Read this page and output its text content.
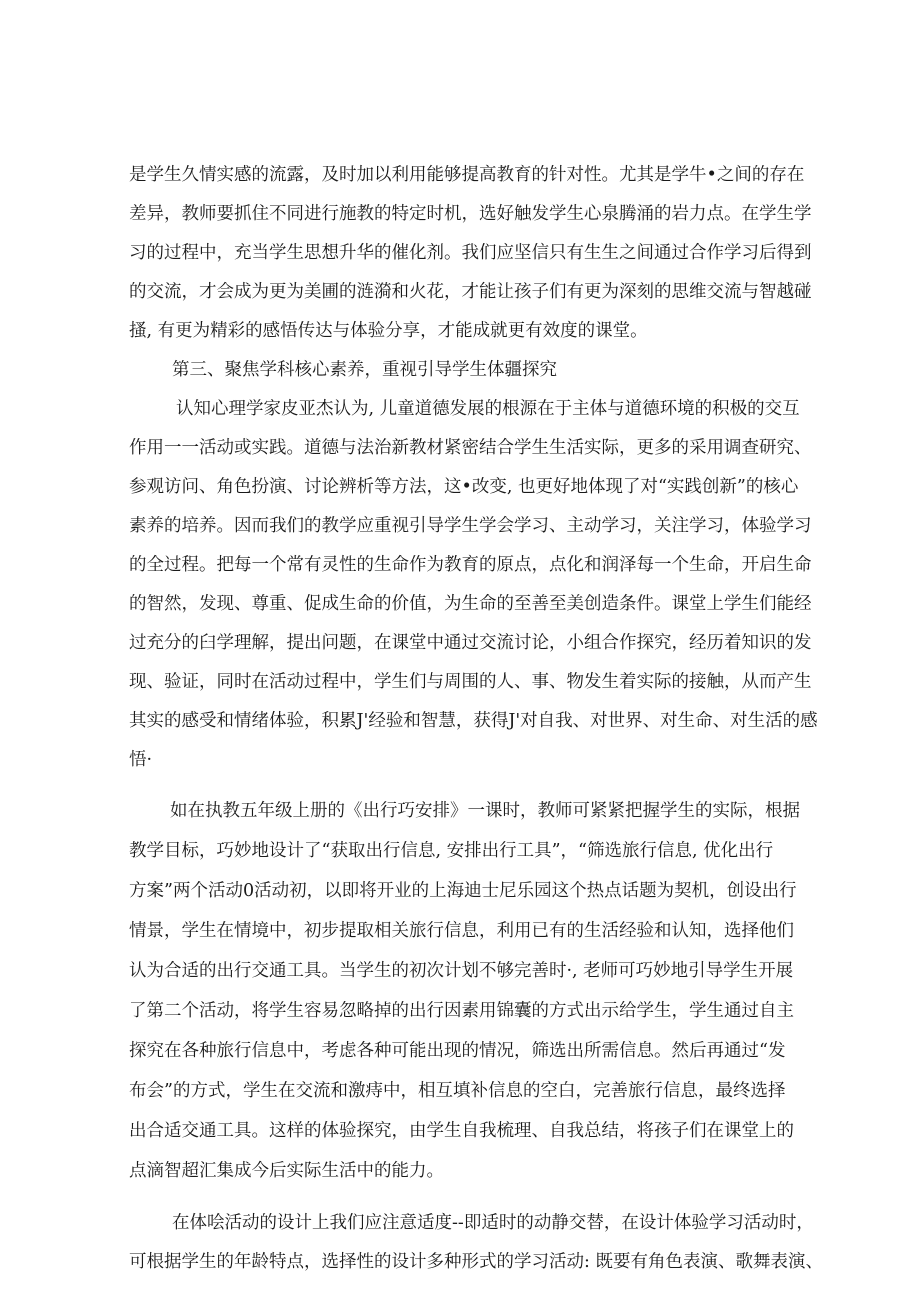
是学生久情实感的流露，及时加以利用能够提高教育的针对性。尤其是学牛•之间的存在
差异，教师要抓住不同进行施教的特定时机，选好触发学生心泉腾涌的岩力点。在学生学
习的过程中，充当学生思想升华的催化剂。我们应坚信只有生生之间通过合作学习后得到
的交流，才会成为更为美圃的涟漪和火花，才能让孩子们有更为深刻的思维交流与智越碰
搔, 有更为精彩的感悟传达与体验分享，才能成就更有效度的课堂。
第三、聚焦学科核心素养，重视引导学生体疆探究
认知心理学家皮亚杰认为, 儿童道德发展的根源在于主体与道德环境的积极的交互
作用一一活动或实践。道德与法治新教材紧密结合学生生活实际，更多的采用调查研究、
参观访问、角色扮演、讨论辨析等方法，这•改变, 也更好地体现了对“实践创新”的核心
素养的培养。因而我们的教学应重视引导学生学会学习、主动学习，关注学习，体验学习
的全过程。把每一个常有灵性的生命作为教育的原点，点化和润泽每一个生命，开启生命
的智然，发现、尊重、促成生命的价值，为生命的至善至美创造条件。课堂上学生们能经
过充分的臼学理解，提出问题，在课堂中通过交流讨论，小组合作探究，经历着知识的发
现、验证，同时在活动过程中，学生们与周围的人、事、物发生着实际的接触，从而产生
其实的感受和情绪体验，积累J'经验和智慧，获得J'对自我、对世界、对生命、对生活的感
悟·
如在执教五年级上册的《出行巧安排》一课时，教师可紧紧把握学生的实际，根据
教学目标，巧妙地设计了“获取出行信息, 安排出行工具”，“筛选旅行信息, 优化出行
方案”两个活动0活动初，以即将开业的上海迪士尼乐园这个热点话题为契机，创设出行
情景，学生在情境中，初步提取相关旅行信息，利用已有的生活经验和认知，选择他们
认为合适的出行交通工具。当学生的初次计划不够完善时·, 老师可巧妙地引导学生开展
了第二个活动，将学生容易忽略掉的出行因素用锦囊的方式出示给学生，学生通过自主
探究在各种旅行信息中，考虑各种可能出现的情况，筛选出所需信息。然后再通过“发
布会”的方式，学生在交流和激痔中，相互填补信息的空白，完善旅行信息，最终选择
出合适交通工具。这样的体验探究，由学生自我梳理、自我总结，将孩子们在课堂上的
点滴智超汇集成今后实际生活中的能力。
在体哙活动的设计上我们应注意适度--即适时的动静交替，在设计体验学习活动时，
可根据学生的年龄特点，选择性的设计多种形式的学习活动: 既要有角色表演、歌舞表演、
